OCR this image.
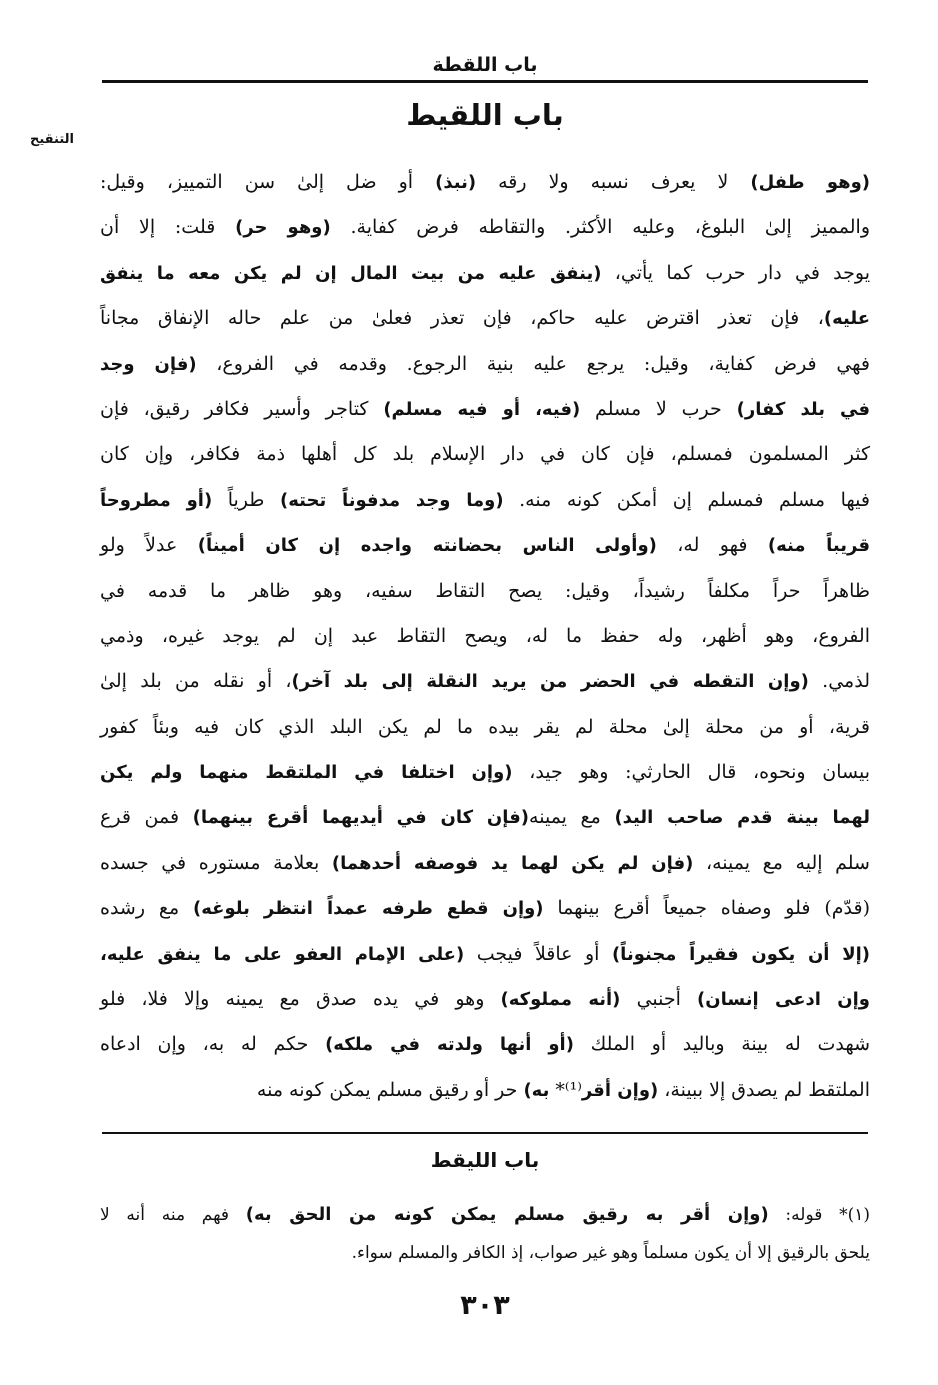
باب اللقطة
باب اللقيط
التنقيح
(وهو طفل) لا يعرف نسبه ولا رقه (نبذ) أو ضل إلىٰ سن التمييز، وقيل:
والمميز إلىٰ البلوغ، وعليه الأكثر. والتقاطه فرض كفاية. (وهو حر) قلت: إلا أن
يوجد في دار حرب كما يأتي، (ينفق عليه من بيت المال إن لم يكن معه ما ينفق
عليه)، فإن تعذر اقترض عليه حاكم، فإن تعذر فعلىٰ من علم حاله الإنفاق مجاناً
فهي فرض كفاية، وقيل: يرجع عليه بنية الرجوع. وقدمه في الفروع، (فإن وجد
في بلد كفار) حرب لا مسلم (فيه، أو فيه مسلم) كتاجر وأسير فكافر رقيق، فإن
كثر المسلمون فمسلم، فإن كان في دار الإسلام بلد كل أهلها ذمة فكافر، وإن كان
فيها مسلم فمسلم إن أمكن كونه منه. (وما وجد مدفوناً تحته) طرياً (أو مطروحاً
قريباً منه) فهو له، (وأولى الناس بحضانته واجده إن كان أميناً) عدلاً ولو
ظاهراً حراً مكلفاً رشيداً، وقيل: يصح التقاط سفيه، وهو ظاهر ما قدمه في
الفروع، وهو أظهر، وله حفظ ما له، ويصح التقاط عبد إن لم يوجد غيره، وذمي
لذمي. (وإن التقطه في الحضر من يريد النقلة إلى بلد آخر)، أو نقله من بلد إلىٰ
قرية، أو من محلة إلىٰ محلة لم يقر بيده ما لم يكن البلد الذي كان فيه وبئاً كفور
بيسان ونحوه، قال الحارثي: وهو جيد، (وإن اختلفا في الملتقط منهما ولم يكن
لهما بينة قدم صاحب اليد) مع يمينه(فإن كان في أيديهما أقرع بينهما) فمن قرع
سلم إليه مع يمينه، (فإن لم يكن لهما يد فوصفه أحدهما) بعلامة مستوره في جسده
(قدّم) فلو وصفاه جميعاً أقرع بينهما (وإن قطع طرفه عمداً انتظر بلوغه) مع رشده
(إلا أن يكون فقيراً مجنوناً) أو عاقلاً فيجب (على الإمام العفو على ما ينفق عليه،
وإن ادعى إنسان) أجنبي (أنه مملوكه) وهو في يده صدق مع يمينه وإلا فلا، فلو
شهدت له بينة وباليد أو الملك (أو أنها ولدته في ملكه) حكم له به، وإن ادعاه
الملتقط لم يصدق إلا ببينة، (وإن أقر⁽¹⁾* به) حر أو رقيق مسلم يمكن كونه منه
باب الليقط
(١)* قوله: (وإن أقر به رقيق مسلم يمكن كونه من الحق به) فهم منه أنه لا
يلحق بالرقيق إلا أن يكون مسلماً وهو غير صواب، إذ الكافر والمسلم سواء.
٣٠٣
